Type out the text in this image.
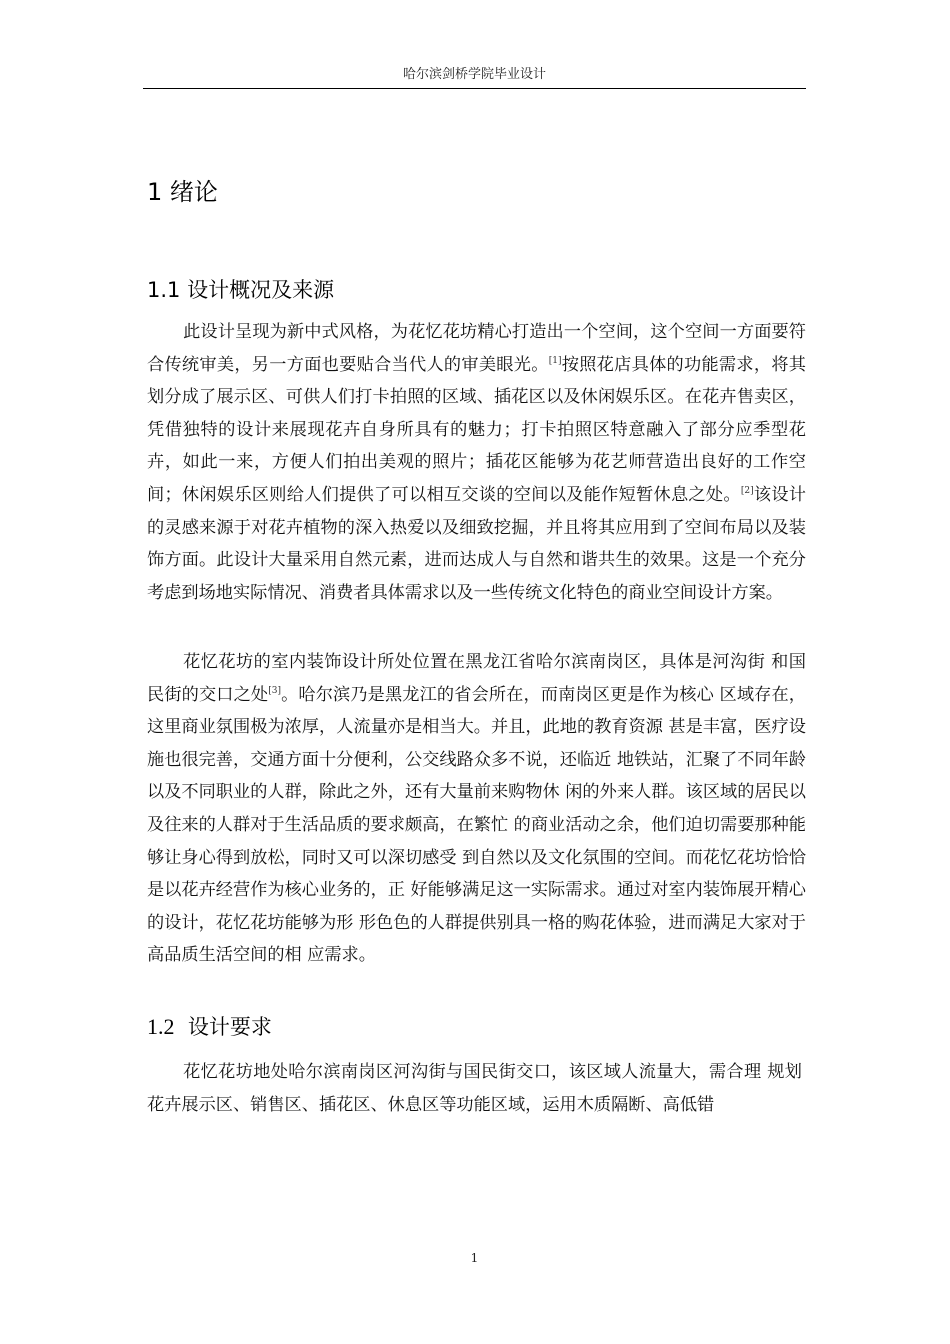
哈尔滨剑桥学院毕业设计
1 绪论
1.1 设计概况及来源

此设计呈现为新中式风格，为花忆花坊精心打造出一个空间，这个空间一方面要符合传统审美，另一方面也要贴合当代人的审美眼光。[1]按照花店具体的功能需求，将其划分成了展示区、可供人们打卡拍照的区域、插花区以及休闲娱乐区。在花卉售卖区，凭借独特的设计来展现花卉自身所具有的魅力；打卡拍照区特意融入了部分应季型花卉，如此一来，方便人们拍出美观的照片；插花区能够为花艺师营造出良好的工作空间；休闲娱乐区则给人们提供了可以相互交谈的空间以及能作短暂休息之处。[2]该设计的灵感来源于对花卉植物的深入热爱以及细致挖掘，并且将其应用到了空间布局以及装饰方面。此设计大量采用自然元素，进而达成人与自然和谐共生的效果。这是一个充分考虑到场地实际情况、消费者具体需求以及一些传统文化特色的商业空间设计方案。

花忆花坊的室内装饰设计所处位置在黑龙江省哈尔滨南岗区，具体是河沟街 和国民街的交口之处[3]。哈尔滨乃是黑龙江的省会所在，而南岗区更是作为核心 区域存在，这里商业氛围极为浓厚，人流量亦是相当大。并且，此地的教育资源 甚是丰富，医疗设施也很完善，交通方面十分便利，公交线路众多不说，还临近 地铁站，汇聚了不同年龄以及不同职业的人群，除此之外，还有大量前来购物休 闲的外来人群。该区域的居民以及往来的人群对于生活品质的要求颇高，在繁忙 的商业活动之余，他们迫切需要那种能够让身心得到放松，同时又可以深切感受 到自然以及文化氛围的空间。而花忆花坊恰恰是以花卉经营作为核心业务的，正 好能够满足这一实际需求。通过对室内装饰展开精心的设计，花忆花坊能够为形 形色色的人群提供别具一格的购花体验，进而满足大家对于高品质生活空间的相 应需求。

1.2 设计要求

花忆花坊地处哈尔滨南岗区河沟街与国民街交口，该区域人流量大，需合理 规划花卉展示区、销售区、插花区、休息区等功能区域，运用木质隔断、高低错

1
